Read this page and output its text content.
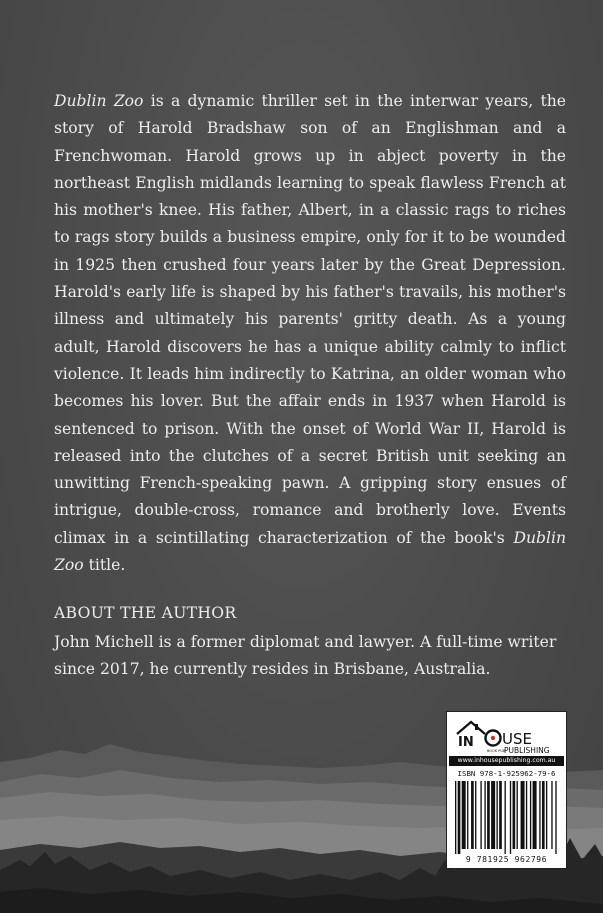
Dublin Zoo is a dynamic thriller set in the interwar years, the story of Harold Bradshaw son of an Englishman and a Frenchwoman. Harold grows up in abject poverty in the northeast English midlands learning to speak flawless French at his mother's knee. His father, Albert, in a classic rags to riches to rags story builds a business empire, only for it to be wounded in 1925 then crushed four years later by the Great Depression. Harold's early life is shaped by his father's travails, his mother's illness and ultimately his parents' gritty death. As a young adult, Harold discovers he has a unique ability calmly to inflict violence. It leads him indirectly to Katrina, an older woman who becomes his lover. But the affair ends in 1937 when Harold is sentenced to prison. With the onset of World War II, Harold is released into the clutches of a secret British unit seeking an unwitting French-speaking pawn. A gripping story ensues of intrigue, double-cross, romance and brotherly love. Events climax in a scintillating characterization of the book's Dublin Zoo title.

ABOUT THE AUTHOR

John Michell is a former diplomat and lawyer. A full-time writer since 2017, he currently resides in Brisbane, Australia.

IN USE
BOOK PUB
PUBLISHING
www.inhousepublishing.com.au
ISBN 978-1-925962-79-6
9 781925 962796
